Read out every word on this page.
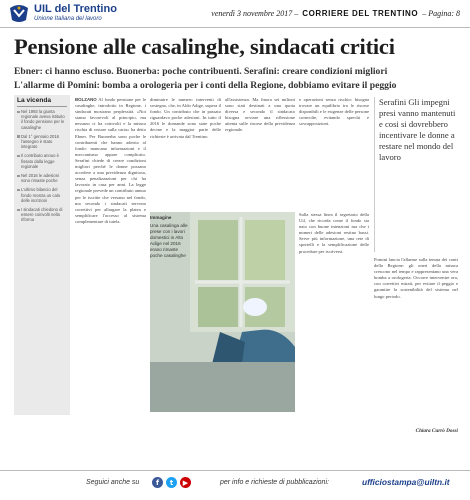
UIL del Trentino
Unione Italiana del lavoro
venerdì 3 novembre 2017 – CORRIERE DEL TRENTINO – Pagina: 8
Pensione alle casalinghe, sindacati critici
Ebner: ci hanno escluso. Buonerba: poche contribuenti. Serafini: creare condizioni migliori
L'allarme di Pomini: bomba a orologeria per i conti della Regione, dobbiamo evitare il peggio
La vicenda
Nel 1993 la giunta regionale aveva istituito il fondo pensione per le casalinghe
Dal 1° gennaio 2016 l'assegno è stato integrato
Il contributo annuo è fissato dalla legge regionale
Nel 2016 le adesioni sono rimaste poche
L'ultimo bilancio del fondo mostra un calo delle iscrizioni
I sindacati chiedono di essere coinvolti nella riforma
BOLZANO Al fondo pensione per le casalinghe, introdotto in Regione, i sindacati mostrano perplessità. «Noi siamo favorevoli al principio, ma nessuno ci ha coinvolti e la misura rischia di restare sulla carta» ha detto Ebner. Per Buonerba sono poche le contribuenti che hanno aderito al fondo: mancano informazioni e il meccanismo appare complicato. Serafini chiede di creare condizioni migliori perché le donne possano accedere a una previdenza dignitosa, senza penalizzazioni per chi ha lavorato in casa per anni. La legge regionale prevede un contributo annuo per le iscritte che versano nel fondo, ma secondo i sindacati servono correttivi per allargare la platea e semplificare l'accesso al sistema complementare di tutela.
diminuire le numero interventi di sostegno, che, in Aldo Adige, supera il fondo. Un contributo che in passato riguardava poche adesioni. In tutto il 2016 le domande sono state poche decine e la maggior parte delle richieste è arrivata dal Trentino.
all'assistenza. Ma finora sei milioni sono stati destinati a una quota diversa e secondo il sindacato bisogna avviare una riflessione attenta sulle risorse della previdenza regionale.
e operazioni senza rischio: bisogna trovare un equilibrio tra le risorse disponibili e le esigenze delle persone coinvolte, evitando sprechi e sovrapposizioni.
Serafini Gli impegni presi vanno mantenuti e cosi si dovrebbero incentivare le donne a restare nel mondo del lavoro
Immagine
Una casalinga alle prese con i lavori domestici in Alto Adige nel 2016 erano rimaste poche casalinghe
Sulla stessa linea il segretario della Uil, che ricorda come il fondo sia nato con buone intenzioni ma che i numeri delle adesioni restino bassi. Serve più informazione, una rete di sportelli e la semplificazione delle procedure per iscriversi.
Pomini lancia l'allarme sulla tenuta dei conti della Regione: gli oneri della misura crescono nel tempo e rappresentano una vera bomba a orologeria. Occorre intervenire ora, con correttivi mirati, per evitare il peggio e garantire la sostenibilità del sistema nel lungo periodo.
Chiara Currò Dossi
Seguici anche su	f	t	▶	per info e richieste di pubblicazioni:	ufficiostampa@uiltn.it
